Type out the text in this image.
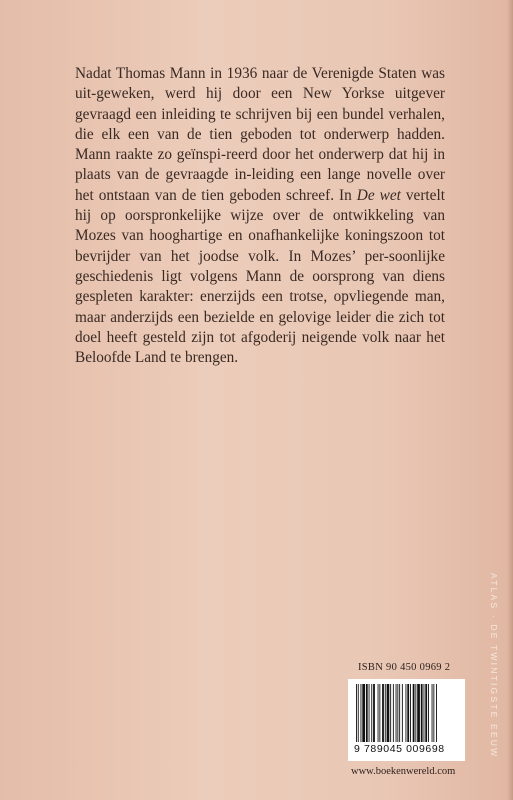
Nadat Thomas Mann in 1936 naar de Verenigde Staten was uit-geweken, werd hij door een New Yorkse uitgever gevraagd een inleiding te schrijven bij een bundel verhalen, die elk een van de tien geboden tot onderwerp hadden. Mann raakte zo geïnspi-reerd door het onderwerp dat hij in plaats van de gevraagde in-leiding een lange novelle over het ontstaan van de tien geboden schreef. In De wet vertelt hij op oorspronkelijke wijze over de ontwikkeling van Mozes van hooghartige en onafhankelijke koningszoon tot bevrijder van het joodse volk. In Mozes’ per-soonlijke geschiedenis ligt volgens Mann de oorsprong van diens gespleten karakter: enerzijds een trotse, opvliegende man, maar anderzijds een bezielde en gelovige leider die zich tot doel heeft gesteld zijn tot afgoderij neigende volk naar het Beloofde Land te brengen.

ATLAS · DE TWINTIGSTE EEUW
ISBN 90 450 0969 2
9 789045 009698
www.boekenwereld.com
